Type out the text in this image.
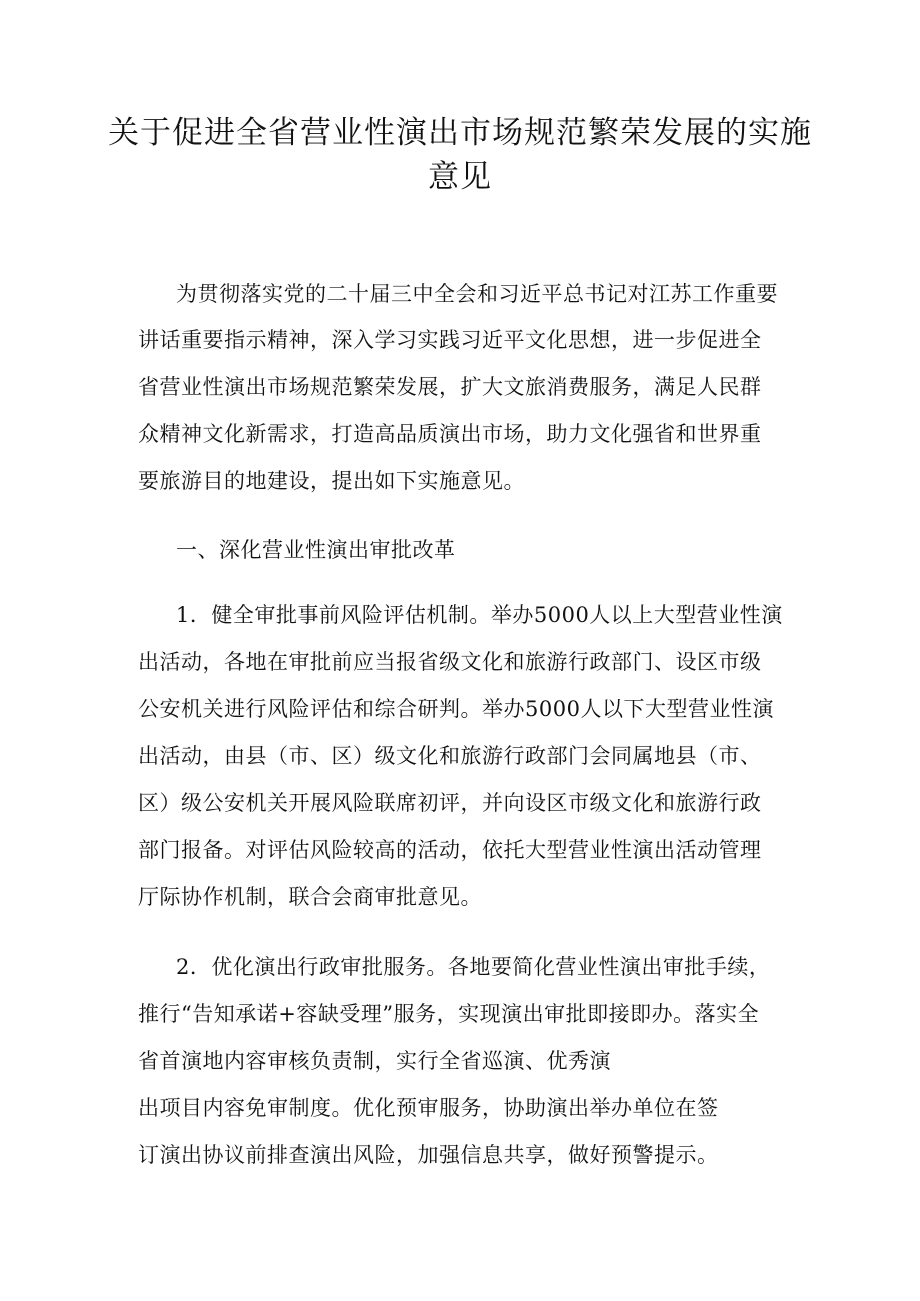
关于促进全省营业性演出市场规范繁荣发展的实施
意见
为贯彻落实党的二十届三中全会和习近平总书记对江苏工作重要
讲话重要指示精神，深入学习实践习近平文化思想，进一步促进全
省营业性演出市场规范繁荣发展，扩大文旅消费服务，满足人民群
众精神文化新需求，打造高品质演出市场，助力文化强省和世界重
要旅游目的地建设，提出如下实施意见。
一、深化营业性演出审批改革
1．健全审批事前风险评估机制。举办5000人以上大型营业性演
出活动，各地在审批前应当报省级文化和旅游行政部门、设区市级
公安机关进行风险评估和综合研判。举办5000人以下大型营业性演
出活动，由县（市、区）级文化和旅游行政部门会同属地县（市、
区）级公安机关开展风险联席初评，并向设区市级文化和旅游行政
部门报备。对评估风险较高的活动，依托大型营业性演出活动管理
厅际协作机制，联合会商审批意见。
2．优化演出行政审批服务。各地要简化营业性演出审批手续，
推行“告知承诺+容缺受理”服务，实现演出审批即接即办。落实全
省首演地内容审核负责制，实行全省巡演、优秀演
出项目内容免审制度。优化预审服务，协助演出举办单位在签
订演出协议前排查演出风险，加强信息共享，做好预警提示。
